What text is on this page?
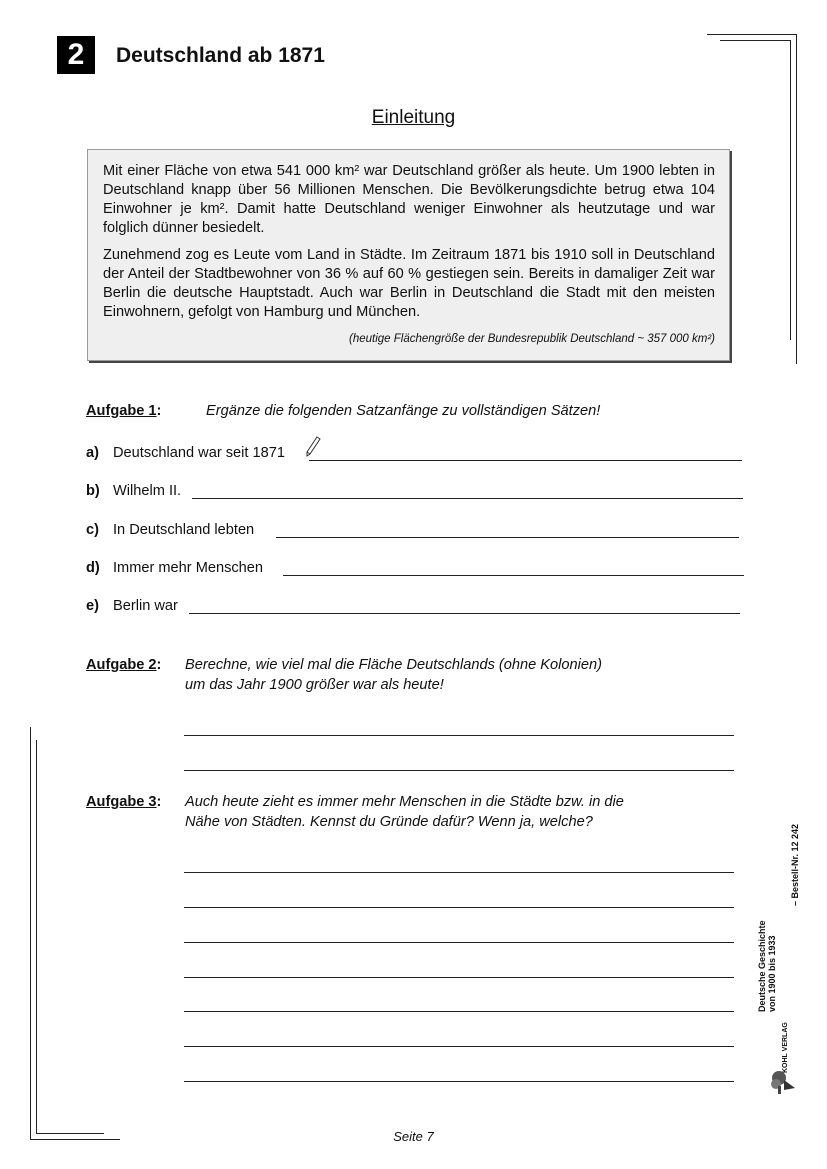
2	Deutschland ab 1871
Einleitung

Mit einer Fläche von etwa 541 000 km² war Deutschland größer als heute. Um 1900 lebten in Deutschland knapp über 56 Millionen Menschen. Die Bevölkerungsdichte betrug etwa 104 Einwohner je km². Damit hatte Deutschland weniger Einwohner als heutzutage und war folglich dünner besiedelt.

Zunehmend zog es Leute vom Land in Städte. Im Zeitraum 1871 bis 1910 soll in Deutschland der Anteil der Stadtbewohner von 36 % auf 60 % gestiegen sein. Bereits in damaliger Zeit war Berlin die deutsche Hauptstadt. Auch war Berlin in Deutschland die Stadt mit den meisten Einwohnern, gefolgt von Hamburg und München.

(heutige Flächengröße der Bundesrepublik Deutschland ~ 357 000 km²)
Aufgabe 1:	Ergänze die folgenden Satzanfänge zu vollständigen Sätzen!
a) Deutschland war seit 1871
b) Wilhelm II.
c) In Deutschland lebten
d) Immer mehr Menschen
e) Berlin war
Aufgabe 2: Berechne, wie viel mal die Fläche Deutschlands (ohne Kolonien)
um das Jahr 1900 größer war als heute!
Aufgabe 3: Auch heute zieht es immer mehr Menschen in die Städte bzw. in die
Nähe von Städten. Kennst du Gründe dafür? Wenn ja, welche?
Deutsche Geschichte von 1900 bis 1933
– Bestell-Nr. 12 242
KOHL VERLAG
Seite 7
